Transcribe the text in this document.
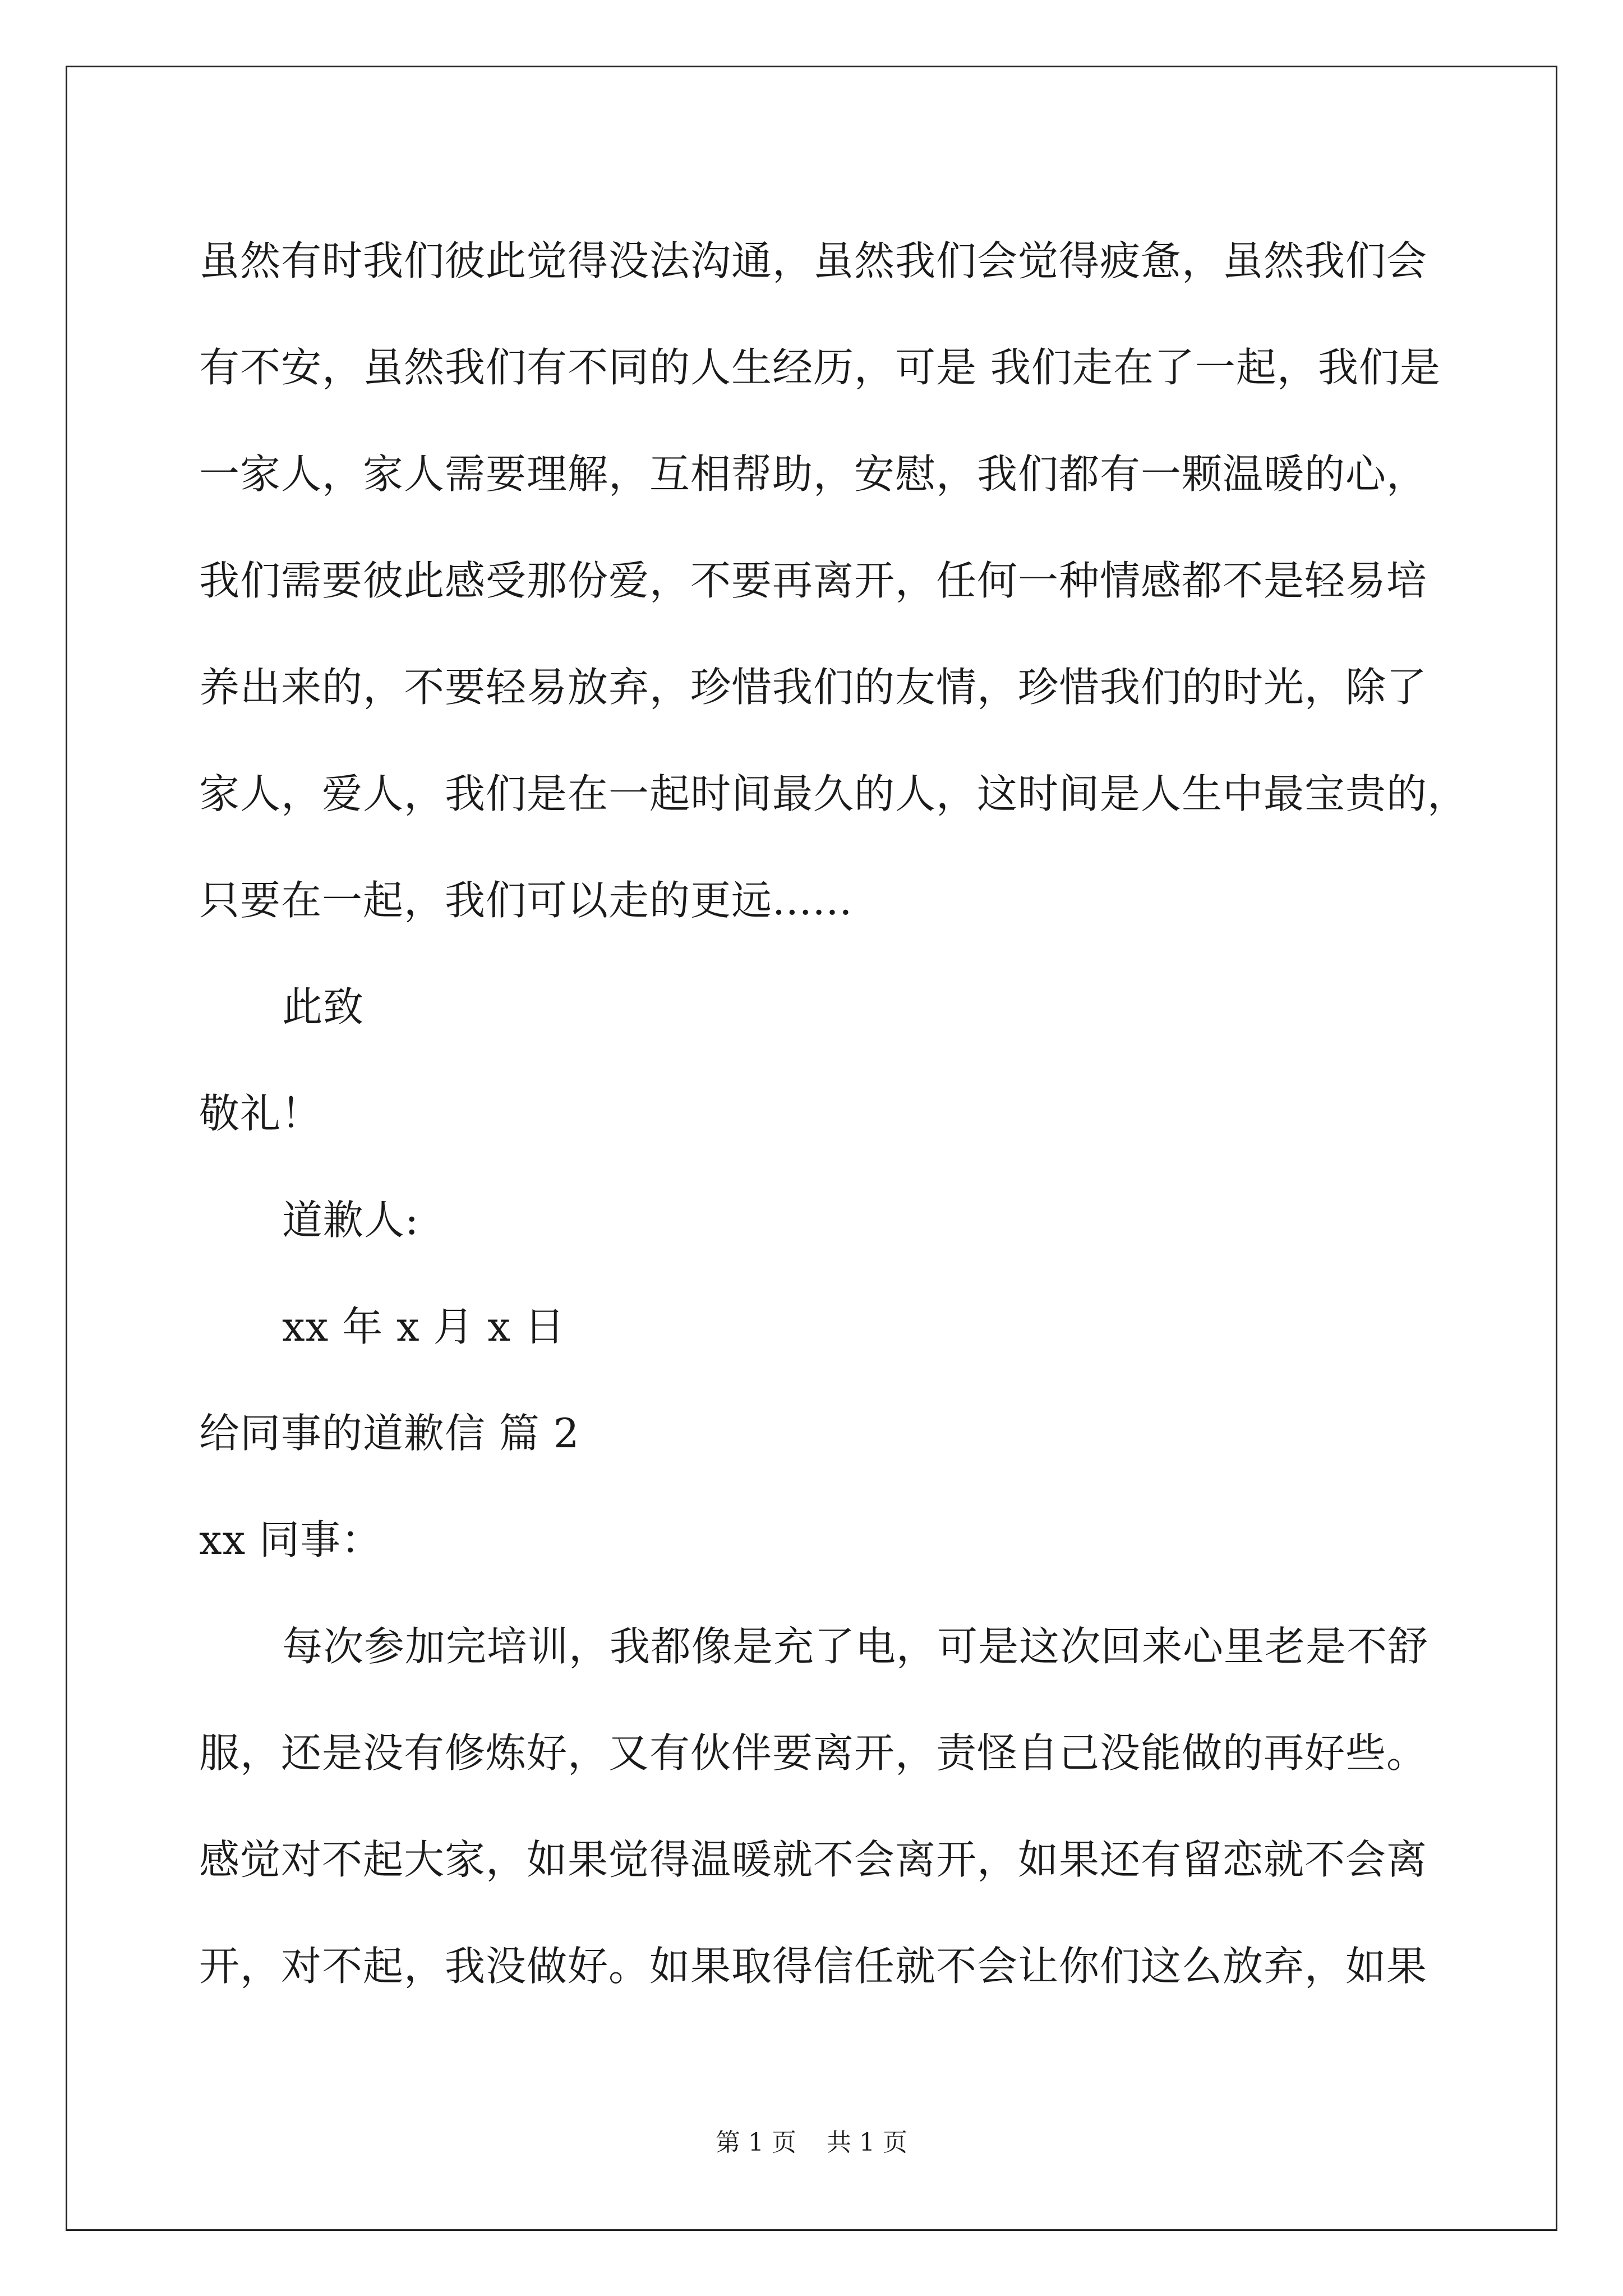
虽然有时我们彼此觉得没法沟通，虽然我们会觉得疲惫，虽然我们会
有不安，虽然我们有不同的人生经历，可是 我们走在了一起，我们是
一家人，家人需要理解，互相帮助，安慰，我们都有一颗温暖的心，
我们需要彼此感受那份爱，不要再离开，任何一种情感都不是轻易培
养出来的，不要轻易放弃，珍惜我们的友情，珍惜我们的时光，除了
家人，爱人，我们是在一起时间最久的人，这时间是人生中最宝贵的，
只要在一起，我们可以走的更远......
此致
敬礼！
道歉人:
xx 年 x 月 x 日
给同事的道歉信 篇 2
xx 同事：
每次参加完培训，我都像是充了电，可是这次回来心里老是不舒
服，还是没有修炼好，又有伙伴要离开，责怪自己没能做的再好些。
感觉对不起大家，如果觉得温暖就不会离开，如果还有留恋就不会离
开，对不起，我没做好。如果取得信任就不会让你们这么放弃，如果
第 1 页 共 1 页
